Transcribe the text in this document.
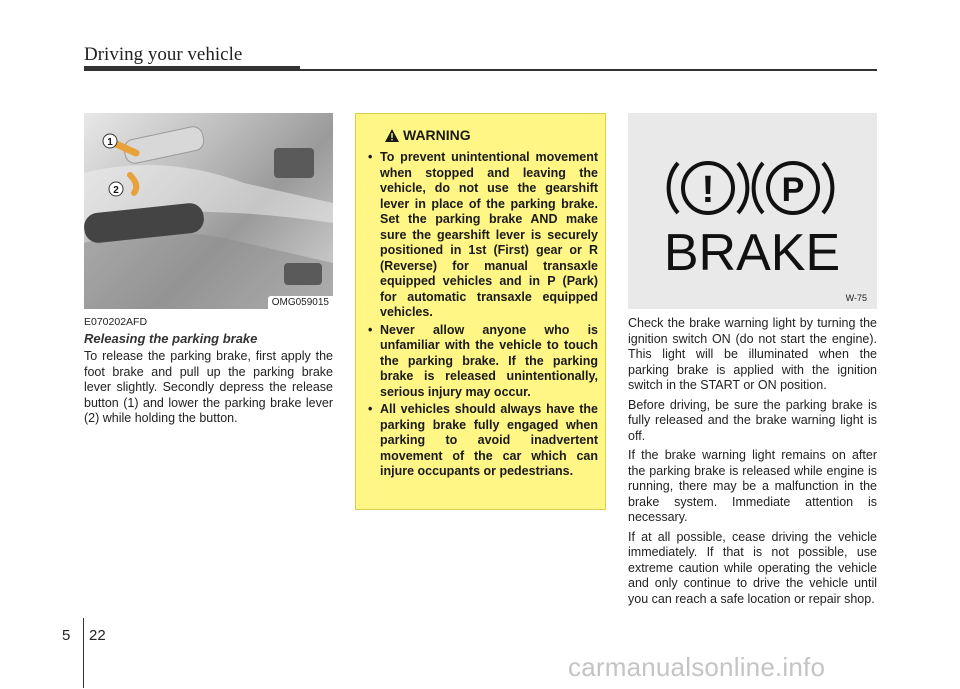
Driving your vehicle
1
2
OMG059015
E070202AFD
Releasing the parking brake
To release the parking brake, first apply the foot brake and pull up the parking brake lever slightly. Secondly depress the release button (1) and lower the parking brake lever (2) while holding the button.
WARNING
• To prevent unintentional movement when stopped and leaving the vehicle, do not use the gearshift lever in place of the parking brake. Set the parking brake AND make sure the gearshift lever is securely positioned in 1st (First) gear or R (Reverse) for manual transaxle equipped vehicles and in P (Park) for automatic transaxle equipped vehicles.
• Never allow anyone who is unfamiliar with the vehicle to touch the parking brake. If the parking brake is released unintentionally, serious injury may occur.
• All vehicles should always have the parking brake fully engaged when parking to avoid inadvertent movement of the car which can injure occupants or pedestrians.
! P
BRAKE
W-75

Check the brake warning light by turning the ignition switch ON (do not start the engine). This light will be illuminated when the parking brake is applied with the ignition switch in the START or ON position.

Before driving, be sure the parking brake is fully released and the brake warning light is off.

If the brake warning light remains on after the parking brake is released while engine is running, there may be a malfunction in the brake system. Immediate attention is necessary.

If at all possible, cease driving the vehicle immediately. If that is not possible, use extreme caution while operating the vehicle and only continue to drive the vehicle until you can reach a safe location or repair shop.

5 22
carmanualsonline.info
